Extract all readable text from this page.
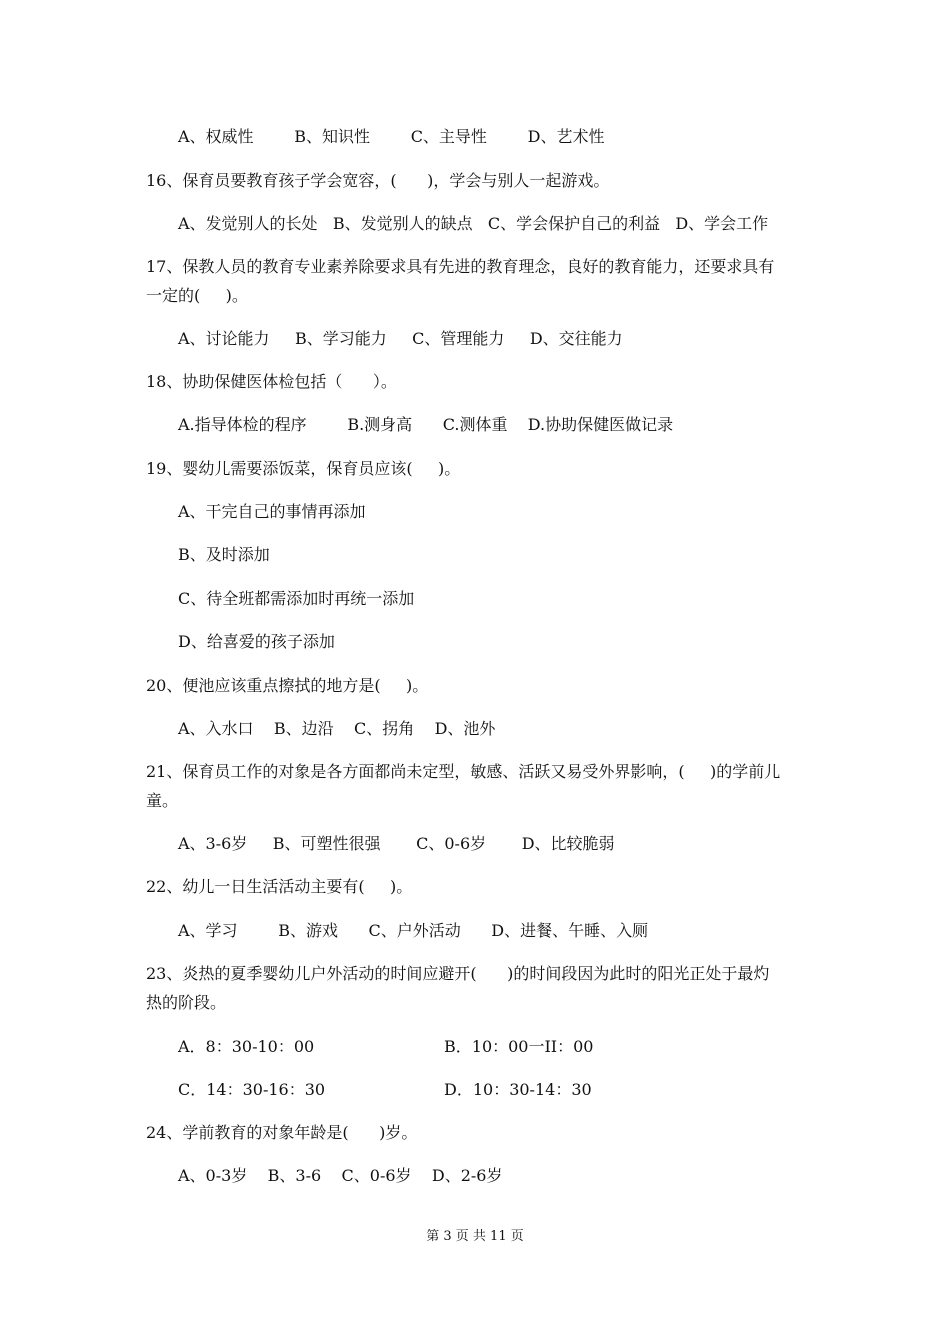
A、权威性        B、知识性        C、主导性        D、艺术性
16、保育员要教育孩子学会宽容，(      )，学会与别人一起游戏。
A、发觉别人的长处   B、发觉别人的缺点   C、学会保护自己的利益   D、学会工作
17、保教人员的教育专业素养除要求具有先进的教育理念，良好的教育能力，还要求具有
一定的(     )。
A、讨论能力     B、学习能力     C、管理能力     D、交往能力
18、协助保健医体检包括（      ）。
A.指导体检的程序        B.测身高      C.测体重    D.协助保健医做记录
19、婴幼儿需要添饭菜，保育员应该(     )。
A、干完自己的事情再添加
B、及时添加
C、待全班都需添加时再统一添加
D、给喜爱的孩子添加
20、便池应该重点擦拭的地方是(     )。
A、入水口    B、边沿    C、拐角    D、池外
21、保育员工作的对象是各方面都尚未定型，敏感、活跃又易受外界影响，(     )的学前儿
童。
A、3-6岁     B、可塑性很强       C、0-6岁       D、比较脆弱
22、幼儿一日生活活动主要有(     )。
A、学习        B、游戏      C、户外活动      D、进餐、午睡、入厕
23、炎热的夏季婴幼儿户外活动的时间应避开(      )的时间段因为此时的阳光正处于最灼
热的阶段。
A．8：30-10：00	B．10：00一II：00
C．14：30-16：30	D．10：30-14：30
24、学前教育的对象年龄是(      )岁。
A、0-3岁    B、3-6    C、0-6岁    D、2-6岁
第 3 页 共 11 页
